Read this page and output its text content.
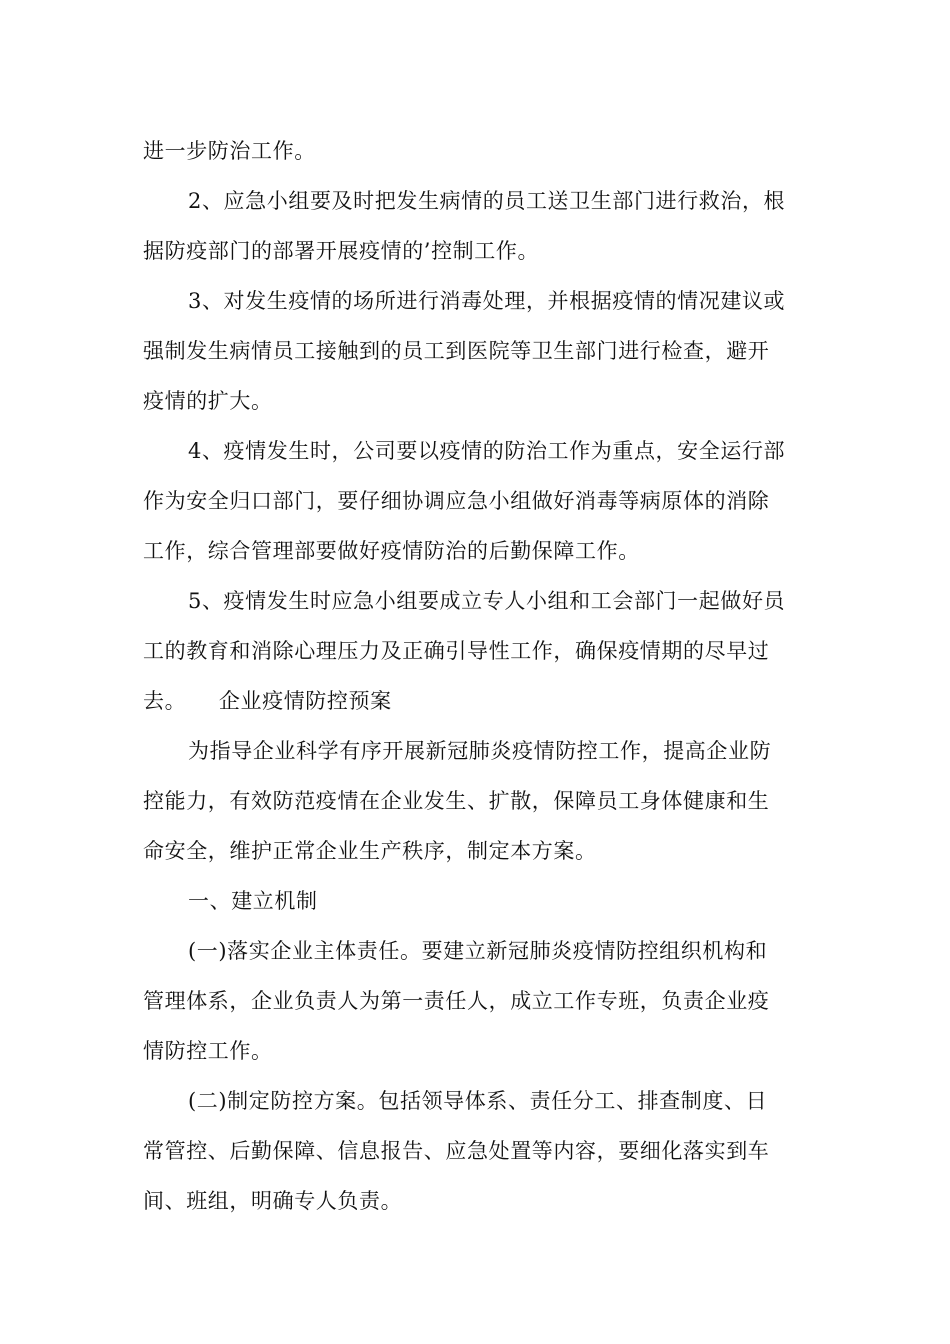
进一步防治工作。
2、应急小组要及时把发生病情的员工送卫生部门进行救治，根
据防疫部门的部署开展疫情的’控制工作。
3、对发生疫情的场所进行消毒处理，并根据疫情的情况建议或
强制发生病情员工接触到的员工到医院等卫生部门进行检查，避开
疫情的扩大。
4、疫情发生时，公司要以疫情的防治工作为重点，安全运行部
作为安全归口部门，要仔细协调应急小组做好消毒等病原体的消除
工作，综合管理部要做好疫情防治的后勤保障工作。
5、疫情发生时应急小组要成立专人小组和工会部门一起做好员
工的教育和消除心理压力及正确引导性工作，确保疫情期的尽早过
去。　　企业疫情防控预案
为指导企业科学有序开展新冠肺炎疫情防控工作，提高企业防
控能力，有效防范疫情在企业发生、扩散，保障员工身体健康和生
命安全，维护正常企业生产秩序，制定本方案。
一、建立机制
(一)落实企业主体责任。要建立新冠肺炎疫情防控组织机构和
管理体系，企业负责人为第一责任人，成立工作专班，负责企业疫
情防控工作。
(二)制定防控方案。包括领导体系、责任分工、排查制度、日
常管控、后勤保障、信息报告、应急处置等内容，要细化落实到车
间、班组，明确专人负责。
